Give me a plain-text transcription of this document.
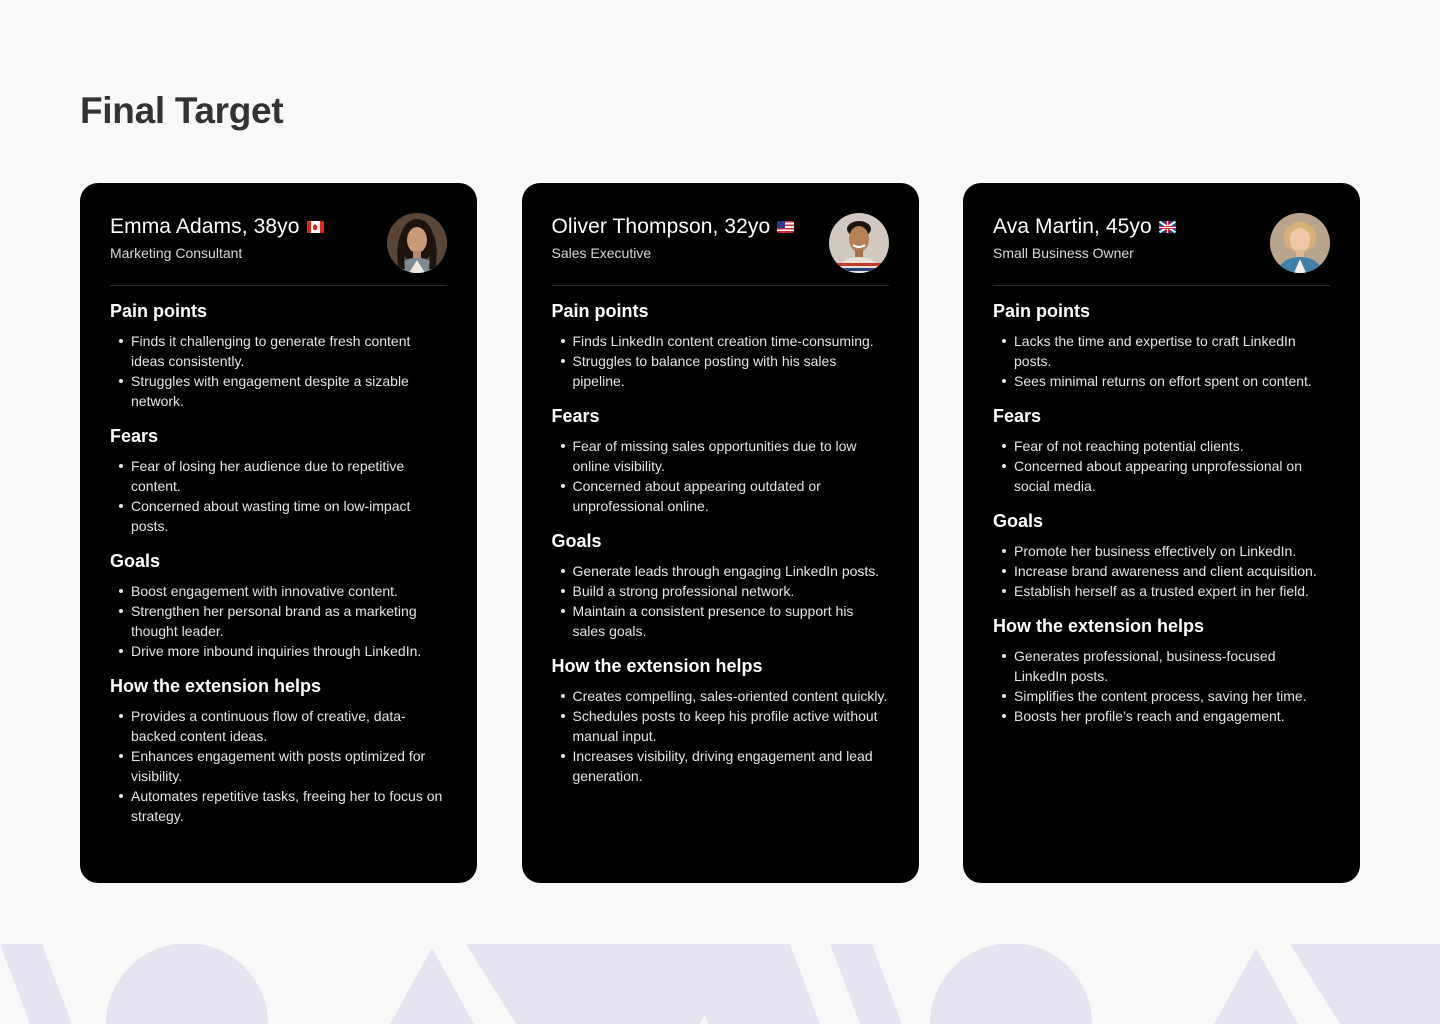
Final Target
Emma Adams, 38yo
Marketing Consultant
Pain points
Finds it challenging to generate fresh content ideas consistently.
Struggles with engagement despite a sizable network.
Fears
Fear of losing her audience due to repetitive content.
Concerned about wasting time on low-impact posts.
Goals
Boost engagement with innovative content.
Strengthen her personal brand as a marketing thought leader.
Drive more inbound inquiries through LinkedIn.
How the extension helps
Provides a continuous flow of creative, data-backed content ideas.
Enhances engagement with posts optimized for visibility.
Automates repetitive tasks, freeing her to focus on strategy.
Oliver Thompson, 32yo
Sales Executive
Pain points
Finds LinkedIn content creation time-consuming.
Struggles to balance posting with his sales pipeline.
Fears
Fear of missing sales opportunities due to low online visibility.
Concerned about appearing outdated or unprofessional online.
Goals
Generate leads through engaging LinkedIn posts.
Build a strong professional network.
Maintain a consistent presence to support his sales goals.
How the extension helps
Creates compelling, sales-oriented content quickly.
Schedules posts to keep his profile active without manual input.
Increases visibility, driving engagement and lead generation.
Ava Martin, 45yo
Small Business Owner
Pain points
Lacks the time and expertise to craft LinkedIn posts.
Sees minimal returns on effort spent on content.
Fears
Fear of not reaching potential clients.
Concerned about appearing unprofessional on social media.
Goals
Promote her business effectively on LinkedIn.
Increase brand awareness and client acquisition.
Establish herself as a trusted expert in her field.
How the extension helps
Generates professional, business-focused LinkedIn posts.
Simplifies the content process, saving her time.
Boosts her profile’s reach and engagement.
